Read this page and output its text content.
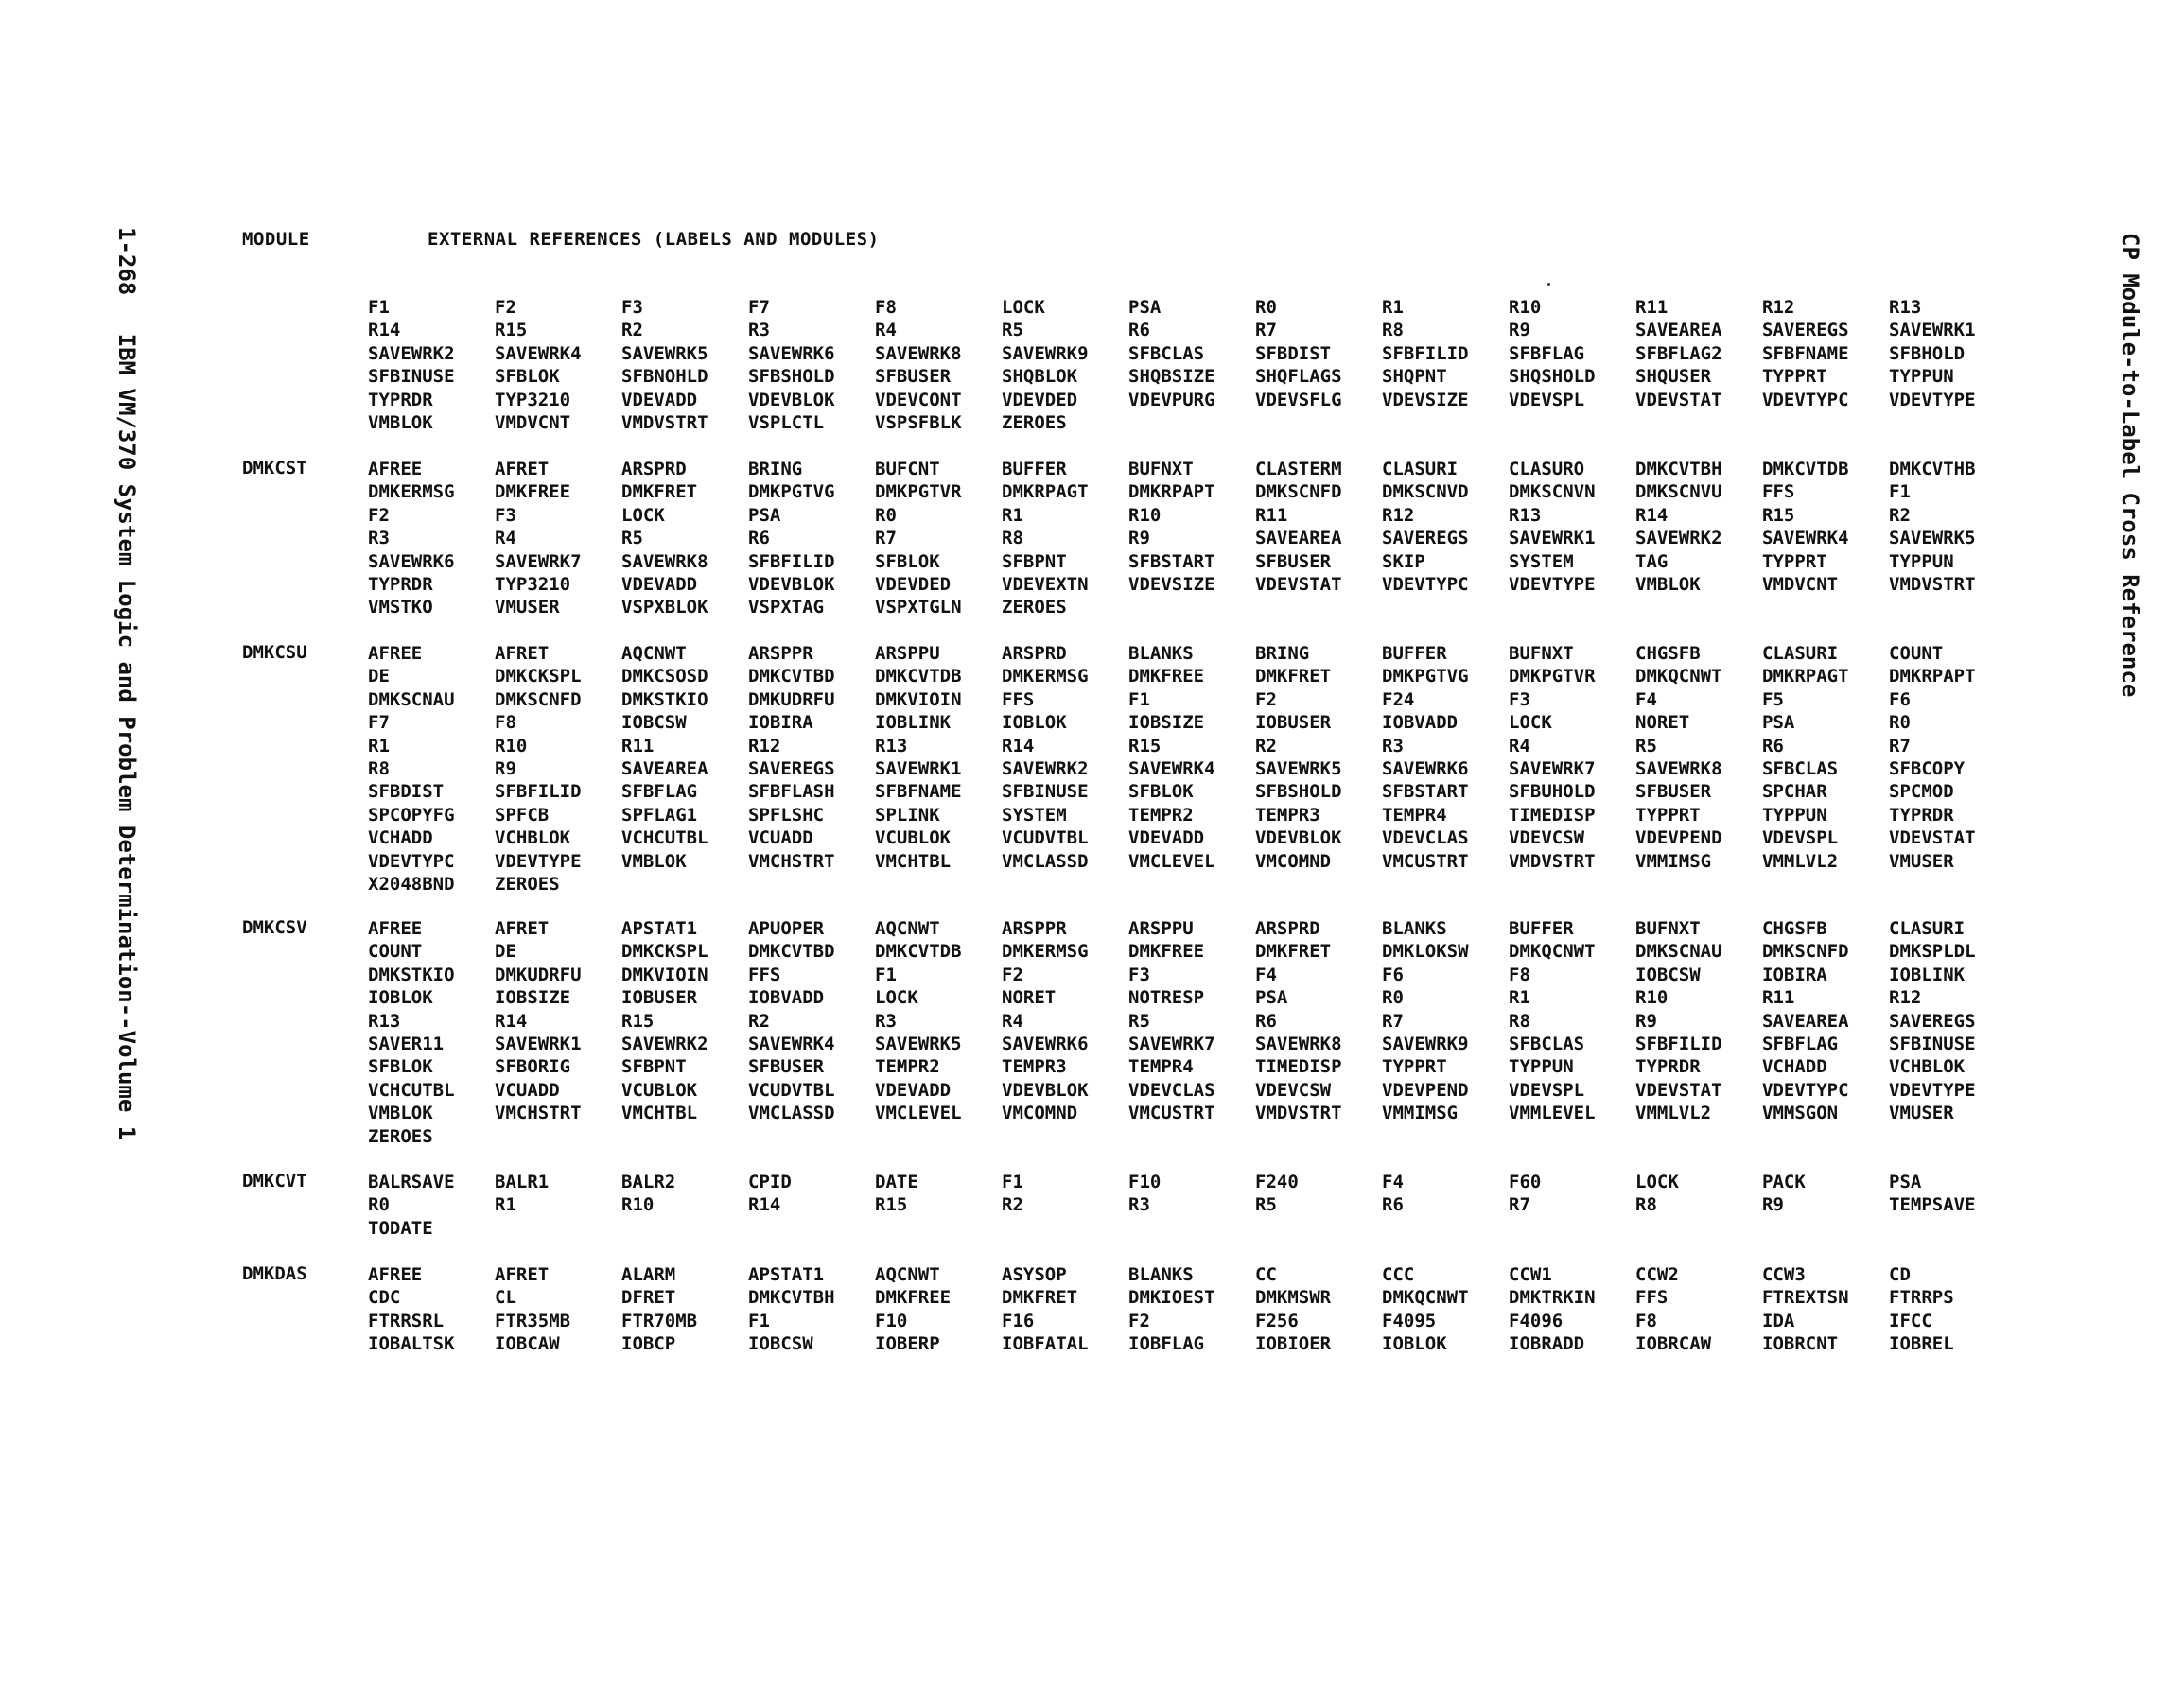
1-268 IBM VM/370 System Logic and Problem Determination--Volume 1	CP Module-to-Label Cross Reference
MODULE	EXTERNAL REFERENCES (LABELS AND MODULES)
F1	F2	F3	F7	F8	LOCK	PSA	R0	R1	R10	R11	R12	R13
R14	R15	R2	R3	R4	R5	R6	R7	R8	R9	SAVEAREA	SAVEREGS	SAVEWRK1
SAVEWRK2	SAVEWRK4	SAVEWRK5	SAVEWRK6	SAVEWRK8	SAVEWRK9	SFBCLAS	SFBDIST	SFBFILID	SFBFLAG	SFBFLAG2	SFBFNAME	SFBHOLD
SFBINUSE	SFBLOK	SFBNOHLD	SFBSHOLD	SFBUSER	SHQBLOK	SHQBSIZE	SHQFLAGS	SHQPNT	SHQSHOLD	SHQUSER	TYPPRT	TYPPUN
TYPRDR	TYP3210	VDEVADD	VDEVBLOK	VDEVCONT	VDEVDED	VDEVPURG	VDEVSFLG	VDEVSIZE	VDEVSPL	VDEVSTAT	VDEVTYPC	VDEVTYPE
VMBLOK	VMDVCNT	VMDVSTRT	VSPLCTL	VSPSFBLK	ZEROES
DMKCST	AFREE	AFRET	ARSPRD	BRING	BUFCNT	BUFFER	BUFNXT	CLASTERM	CLASURI	CLASURO	DMKCVTBH	DMKCVTDB	DMKCVTHB
DMKERMSG	DMKFREE	DMKFRET	DMKPGTVG	DMKPGTVR	DMKRPAGT	DMKRPAPT	DMKSCNFD	DMKSCNVD	DMKSCNVN	DMKSCNVU	FFS	F1
F2	F3	LOCK	PSA	R0	R1	R10	R11	R12	R13	R14	R15	R2
R3	R4	R5	R6	R7	R8	R9	SAVEAREA	SAVEREGS	SAVEWRK1	SAVEWRK2	SAVEWRK4	SAVEWRK5
SAVEWRK6	SAVEWRK7	SAVEWRK8	SFBFILID	SFBLOK	SFBPNT	SFBSTART	SFBUSER	SKIP	SYSTEM	TAG	TYPPRT	TYPPUN
TYPRDR	TYP3210	VDEVADD	VDEVBLOK	VDEVDED	VDEVEXTN	VDEVSIZE	VDEVSTAT	VDEVTYPC	VDEVTYPE	VMBLOK	VMDVCNT	VMDVSTRT
VMSTKO	VMUSER	VSPXBLOK	VSPXTAG	VSPXTGLN	ZEROES
DMKCSU	AFREE	AFRET	AQCNWT	ARSPPR	ARSPPU	ARSPRD	BLANKS	BRING	BUFFER	BUFNXT	CHGSFB	CLASURI	COUNT
DE	DMKCKSPL	DMKCSOSD	DMKCVTBD	DMKCVTDB	DMKERMSG	DMKFREE	DMKFRET	DMKPGTVG	DMKPGTVR	DMKQCNWT	DMKRPAGT	DMKRPAPT
DMKSCNAU	DMKSCNFD	DMKSTKIO	DMKUDRFU	DMKVIOIN	FFS	F1	F2	F24	F3	F4	F5	F6
F7	F8	IOBCSW	IOBIRA	IOBLINK	IOBLOK	IOBSIZE	IOBUSER	IOBVADD	LOCK	NORET	PSA	R0
R1	R10	R11	R12	R13	R14	R15	R2	R3	R4	R5	R6	R7
R8	R9	SAVEAREA	SAVEREGS	SAVEWRK1	SAVEWRK2	SAVEWRK4	SAVEWRK5	SAVEWRK6	SAVEWRK7	SAVEWRK8	SFBCLAS	SFBCOPY
SFBDIST	SFBFILID	SFBFLAG	SFBFLASH	SFBFNAME	SFBINUSE	SFBLOK	SFBSHOLD	SFBSTART	SFBUHOLD	SFBUSER	SPCHAR	SPCMOD
SPCOPYFG	SPFCB	SPFLAG1	SPFLSHC	SPLINK	SYSTEM	TEMPR2	TEMPR3	TEMPR4	TIMEDISP	TYPPRT	TYPPUN	TYPRDR
VCHADD	VCHBLOK	VCHCUTBL	VCUADD	VCUBLOK	VCUDVTBL	VDEVADD	VDEVBLOK	VDEVCLAS	VDEVCSW	VDEVPEND	VDEVSPL	VDEVSTAT
VDEVTYPC	VDEVTYPE	VMBLOK	VMCHSTRT	VMCHTBL	VMCLASSD	VMCLEVEL	VMCOMND	VMCUSTRT	VMDVSTRT	VMMIMSG	VMMLVL2	VMUSER
X2048BND	ZEROES
DMKCSV	AFREE	AFRET	APSTAT1	APUOPER	AQCNWT	ARSPPR	ARSPPU	ARSPRD	BLANKS	BUFFER	BUFNXT	CHGSFB	CLASURI
COUNT	DE	DMKCKSPL	DMKCVTBD	DMKCVTDB	DMKERMSG	DMKFREE	DMKFRET	DMKLOKSW	DMKQCNWT	DMKSCNAU	DMKSCNFD	DMKSPLDL
DMKSTKIO	DMKUDRFU	DMKVIOIN	FFS	F1	F2	F3	F4	F6	F8	IOBCSW	IOBIRA	IOBLINK
IOBLOK	IOBSIZE	IOBUSER	IOBVADD	LOCK	NORET	NOTRESP	PSA	R0	R1	R10	R11	R12
R13	R14	R15	R2	R3	R4	R5	R6	R7	R8	R9	SAVEAREA	SAVEREGS
SAVER11	SAVEWRK1	SAVEWRK2	SAVEWRK4	SAVEWRK5	SAVEWRK6	SAVEWRK7	SAVEWRK8	SAVEWRK9	SFBCLAS	SFBFILID	SFBFLAG	SFBINUSE
SFBLOK	SFBORIG	SFBPNT	SFBUSER	TEMPR2	TEMPR3	TEMPR4	TIMEDISP	TYPPRT	TYPPUN	TYPRDR	VCHADD	VCHBLOK
VCHCUTBL	VCUADD	VCUBLOK	VCUDVTBL	VDEVADD	VDEVBLOK	VDEVCLAS	VDEVCSW	VDEVPEND	VDEVSPL	VDEVSTAT	VDEVTYPC	VDEVTYPE
VMBLOK	VMCHSTRT	VMCHTBL	VMCLASSD	VMCLEVEL	VMCOMND	VMCUSTRT	VMDVSTRT	VMMIMSG	VMMLEVEL	VMMLVL2	VMMSGON	VMUSER
ZEROES
DMKCVT	BALRSAVE	BALR1	BALR2	CPID	DATE	F1	F10	F240	F4	F60	LOCK	PACK	PSA
R0	R1	R10	R14	R15	R2	R3	R5	R6	R7	R8	R9	TEMPSAVE
TODATE
DMKDAS	AFREE	AFRET	ALARM	APSTAT1	AQCNWT	ASYSOP	BLANKS	CC	CCC	CCW1	CCW2	CCW3	CD
CDC	CL	DFRET	DMKCVTBH	DMKFREE	DMKFRET	DMKIOEST	DMKMSWR	DMKQCNWT	DMKTRKIN	FFS	FTREXTSN	FTRRPS
FTRRSRL	FTR35MB	FTR70MB	F1	F10	F16	F2	F256	F4095	F4096	F8	IDA	IFCC
IOBALTSK	IOBCAW	IOBCP	IOBCSW	IOBERP	IOBFATAL	IOBFLAG	IOBIOER	IOBLOK	IOBRADD	IOBRCAW	IOBRCNT	IOBREL
